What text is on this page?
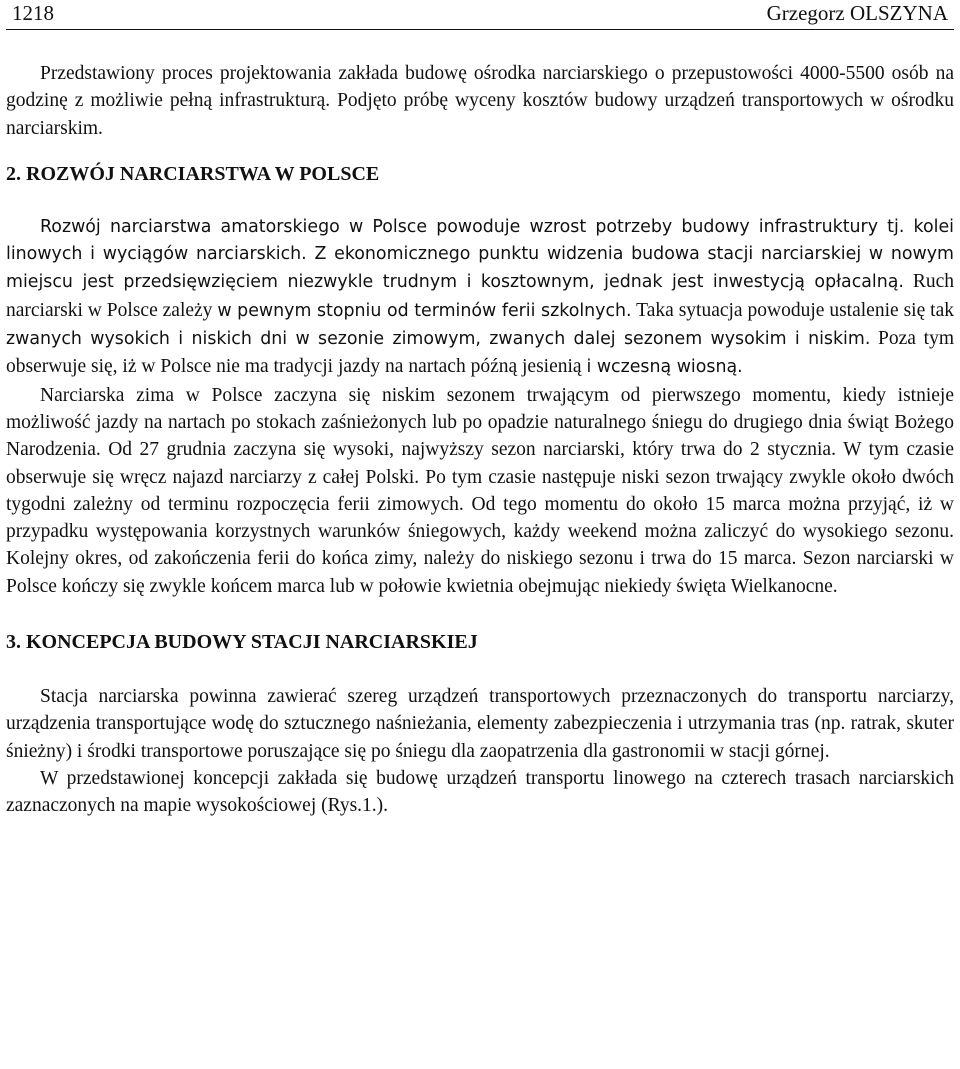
1218	Grzegorz OLSZYNA

Przedstawiony proces projektowania zakłada budowę ośrodka narciarskiego o przepustowości 4000-5500 osób na godzinę z możliwie pełną infrastrukturą. Podjęto próbę wyceny kosztów budowy urządzeń transportowych w ośrodku narciarskim.

2. ROZWÓJ NARCIARSTWA W POLSCE

Rozwój narciarstwa amatorskiego w Polsce powoduje wzrost potrzeby budowy infrastruktury tj. kolei linowych i wyciągów narciarskich. Z ekonomicznego punktu widzenia budowa stacji narciarskiej w nowym miejscu jest przedsięwzięciem niezwykle trudnym i kosztownym, jednak jest inwestycją opłacalną. Ruch narciarski w Polsce zależy w pewnym stopniu od terminów ferii szkolnych. Taka sytuacja powoduje ustalenie się tak zwanych wysokich i niskich dni w sezonie zimowym, zwanych dalej sezonem wysokim i niskim. Poza tym obserwuje się, iż w Polsce nie ma tradycji jazdy na nartach późną jesienią i wczesną wiosną.

Narciarska zima w Polsce zaczyna się niskim sezonem trwającym od pierwszego momentu, kiedy istnieje możliwość jazdy na nartach po stokach zaśnieżonych lub po opadzie naturalnego śniegu do drugiego dnia świąt Bożego Narodzenia. Od 27 grudnia zaczyna się wysoki, najwyższy sezon narciarski, który trwa do 2 stycznia. W tym czasie obserwuje się wręcz najazd narciarzy z całej Polski. Po tym czasie następuje niski sezon trwający zwykle około dwóch tygodni zależny od terminu rozpoczęcia ferii zimowych. Od tego momentu do około 15 marca można przyjąć, iż w przypadku występowania korzystnych warunków śniegowych, każdy weekend można zaliczyć do wysokiego sezonu. Kolejny okres, od zakończenia ferii do końca zimy, należy do niskiego sezonu i trwa do 15 marca. Sezon narciarski w Polsce kończy się zwykle końcem marca lub w połowie kwietnia obejmując niekiedy święta Wielkanocne.

3. KONCEPCJA BUDOWY STACJI NARCIARSKIEJ

Stacja narciarska powinna zawierać szereg urządzeń transportowych przeznaczonych do transportu narciarzy, urządzenia transportujące wodę do sztucznego naśnieżania, elementy zabezpieczenia i utrzymania tras (np. ratrak, skuter śnieżny) i środki transportowe poruszające się po śniegu dla zaopatrzenia dla gastronomii w stacji górnej.

W przedstawionej koncepcji zakłada się budowę urządzeń transportu linowego na czterech trasach narciarskich zaznaczonych na mapie wysokościowej (Rys.1.).
